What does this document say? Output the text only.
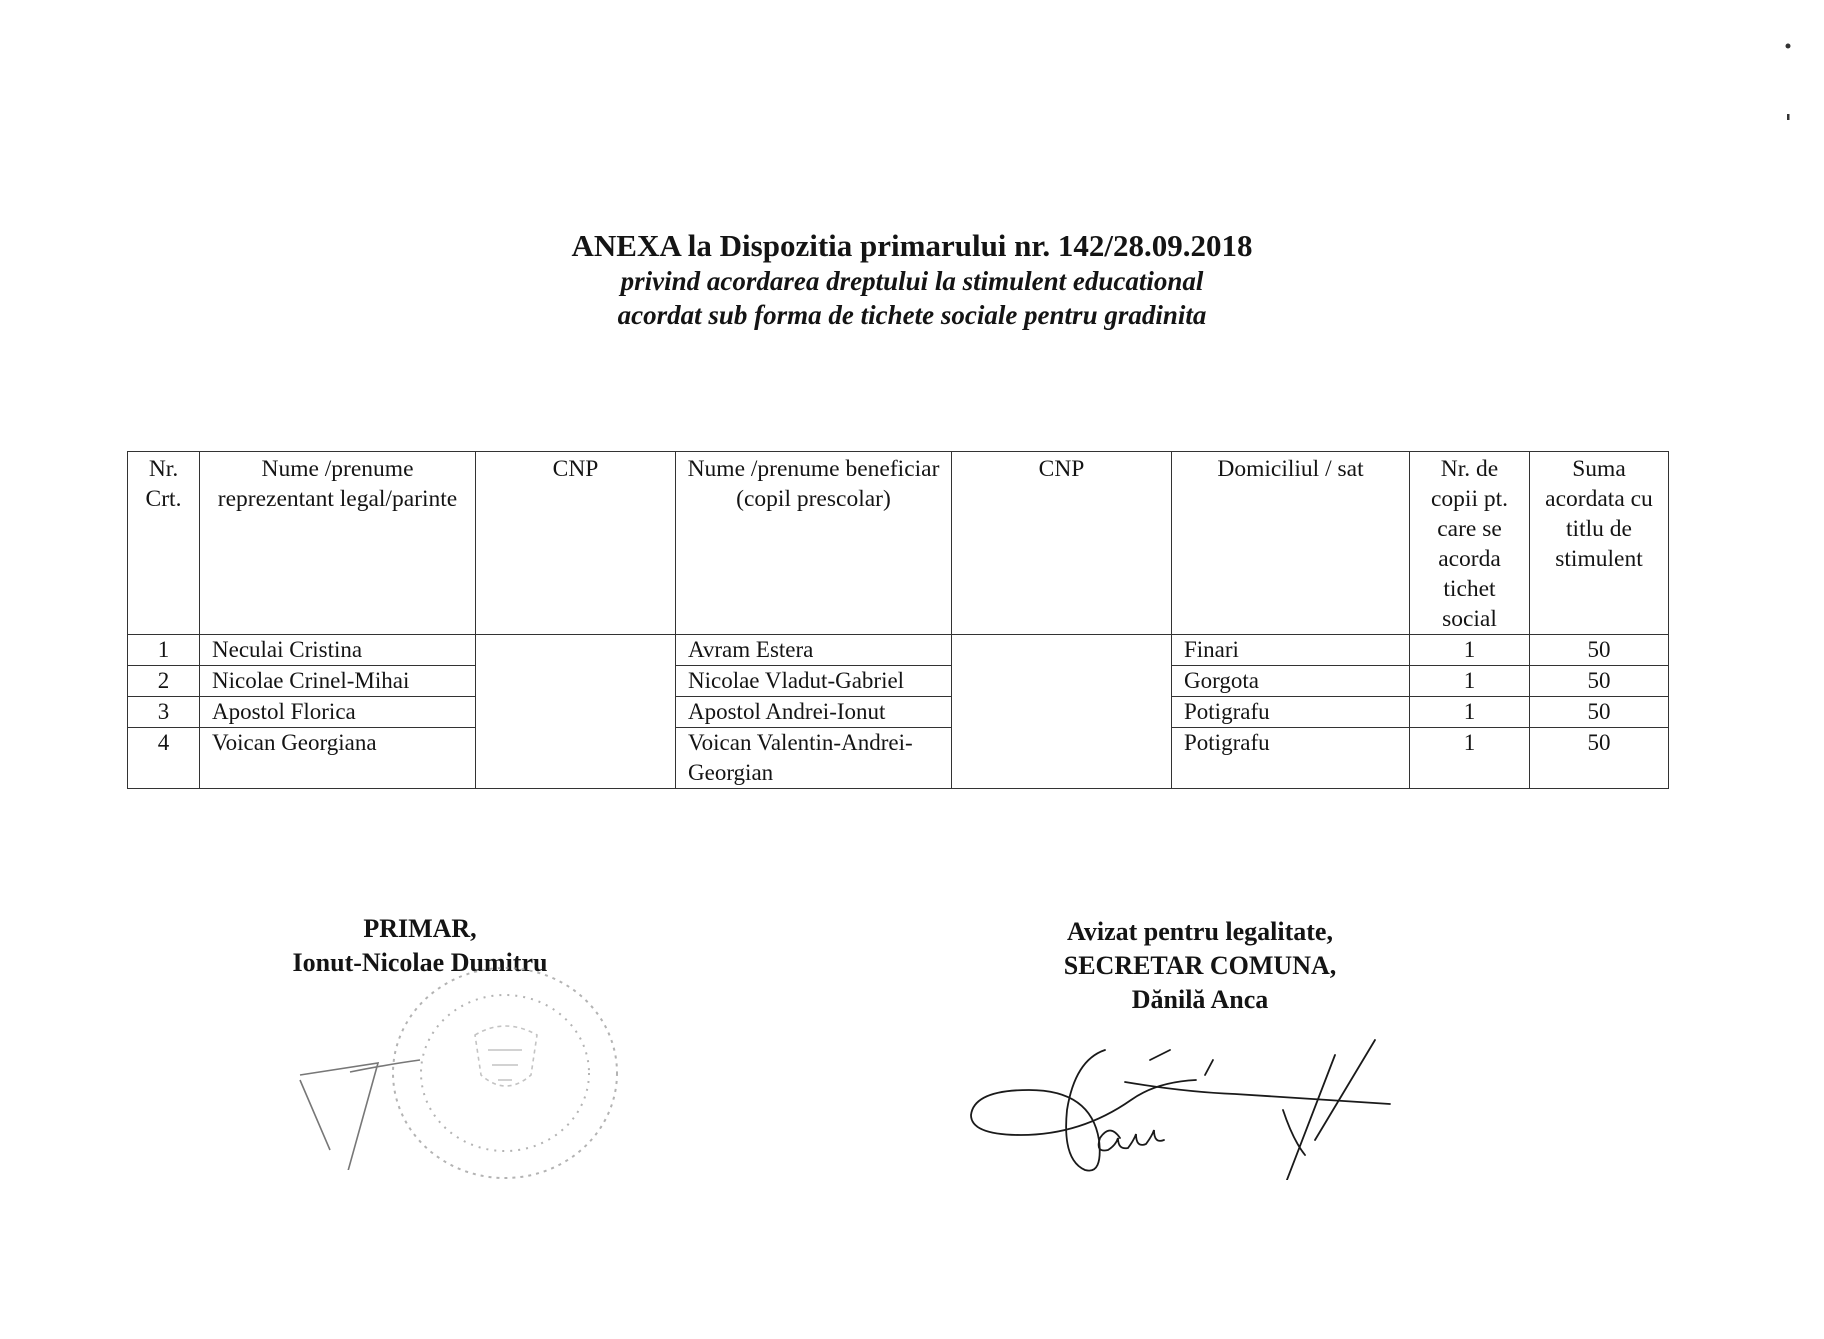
ANEXA la Dispozitia primarului nr. 142/28.09.2018
privind acordarea dreptului la stimulent educational
acordat sub forma de tichete sociale pentru gradinita
Nr. Crt.	Nume /prenume reprezentant legal/parinte	CNP	Nume /prenume beneficiar (copil prescolar)	CNP	Domiciliul / sat	Nr. de copii pt. care se acorda tichet social	Suma acordata cu titlu de stimulent
1	Neculai Cristina		Avram Estera		Finari	1	50
2	Nicolae Crinel-Mihai		Nicolae Vladut-Gabriel		Gorgota	1	50
3	Apostol Florica		Apostol Andrei-Ionut		Potigrafu	1	50
4	Voican Georgiana		Voican Valentin-Andrei-Georgian		Potigrafu	1	50
PRIMAR,
Ionut-Nicolae Dumitru
Avizat pentru legalitate,
SECRETAR COMUNA,
Dănilă Anca
